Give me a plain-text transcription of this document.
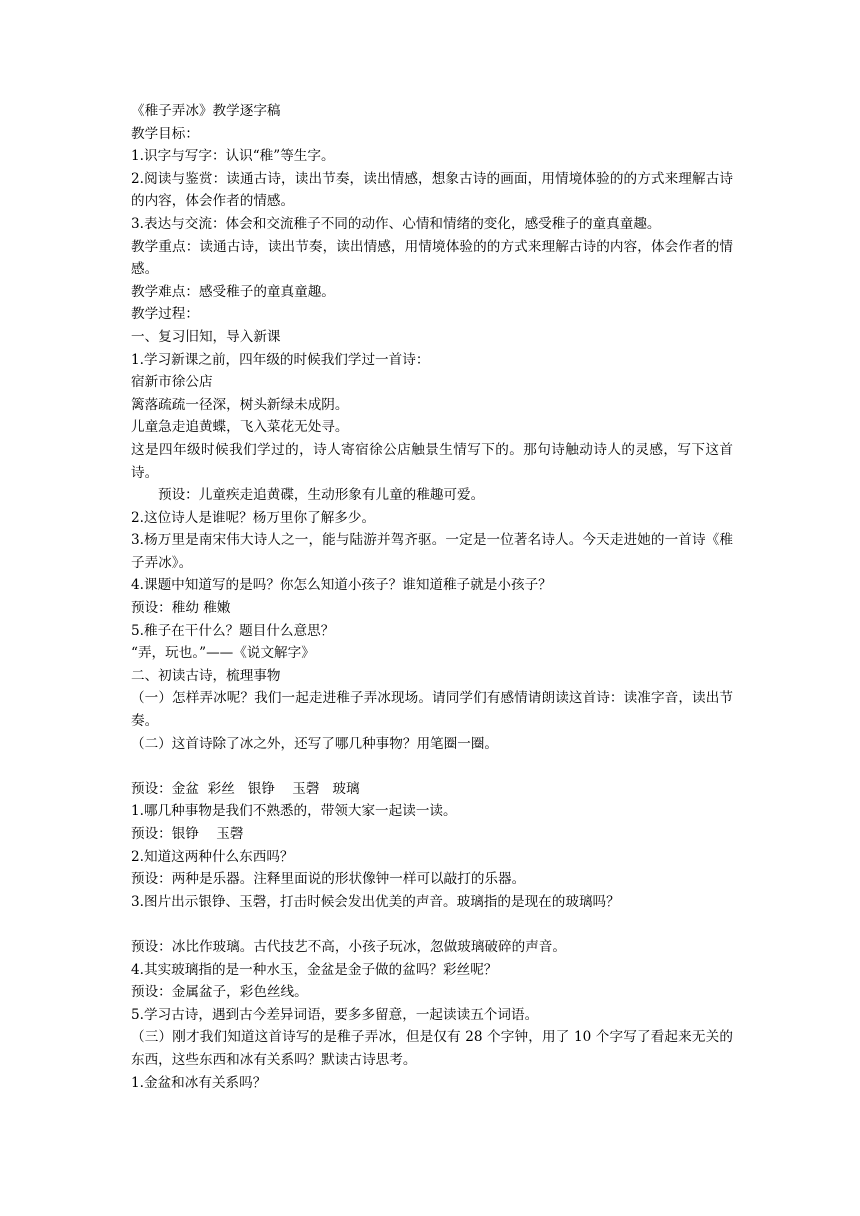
《稚子弄冰》教学逐字稿
教学目标：
1.识字与写字：认识“稚”等生字。
2.阅读与鉴赏：读通古诗，读出节奏，读出情感，想象古诗的画面，用情境体验的的方式来理解古诗的内容，体会作者的情感。
3.表达与交流：体会和交流稚子不同的动作、心情和情绪的变化，感受稚子的童真童趣。
教学重点：读通古诗，读出节奏，读出情感，用情境体验的的方式来理解古诗的内容，体会作者的情感。
教学难点：感受稚子的童真童趣。
教学过程：
一、复习旧知，导入新课
1.学习新课之前，四年级的时候我们学过一首诗：
宿新市徐公店
篱落疏疏一径深，树头新绿未成阴。
儿童急走追黄蝶，飞入菜花无处寻。
这是四年级时候我们学过的，诗人寄宿徐公店触景生情写下的。那句诗触动诗人的灵感，写下这首诗。
预设：儿童疾走追黄碟，生动形象有儿童的稚趣可爱。
2.这位诗人是谁呢？杨万里你了解多少。
3.杨万里是南宋伟大诗人之一，能与陆游并驾齐驱。一定是一位著名诗人。今天走进她的一首诗《稚子弄冰》。
4.课题中知道写的是吗？你怎么知道小孩子？谁知道稚子就是小孩子？
预设：稚幼 稚嫩
5.稚子在干什么？题目什么意思？
“弄，玩也。”——《说文解字》
二、初读古诗，梳理事物
（一）怎样弄冰呢？我们一起走进稚子弄冰现场。请同学们有感情请朗读这首诗：读准字音，读出节奏。
（二）这首诗除了冰之外，还写了哪几种事物？用笔圈一圈。
预设：金盆  彩丝   银铮    玉磬   玻璃
1.哪几种事物是我们不熟悉的，带领大家一起读一读。
预设：银铮    玉磬
2.知道这两种什么东西吗？
预设：两种是乐器。注释里面说的形状像钟一样可以敲打的乐器。
3.图片出示银铮、玉磬，打击时候会发出优美的声音。玻璃指的是现在的玻璃吗？
预设：冰比作玻璃。古代技艺不高，小孩子玩冰，忽做玻璃破碎的声音。
4.其实玻璃指的是一种水玉，金盆是金子做的盆吗？彩丝呢？
预设：金属盆子，彩色丝线。
5.学习古诗，遇到古今差异词语，要多多留意，一起读读五个词语。
（三）刚才我们知道这首诗写的是稚子弄冰，但是仅有 28 个字钟，用了 10 个字写了看起来无关的东西，这些东西和冰有关系吗？默读古诗思考。
1.金盆和冰有关系吗？
